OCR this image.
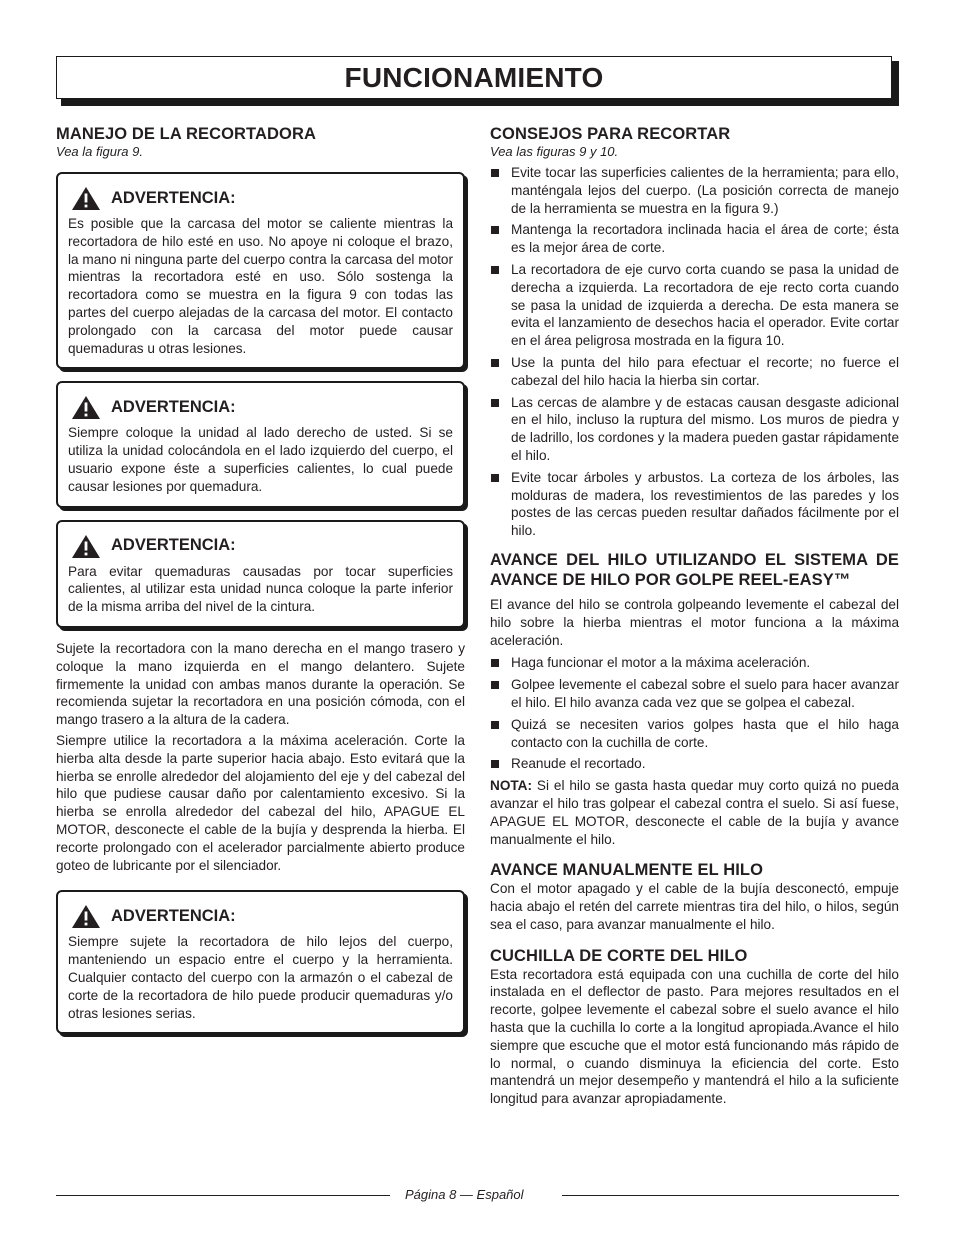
FUNCIONAMIENTO
MANEJO DE LA RECORTADORA
Vea la figura 9.
ADVERTENCIA:

Es posible que la carcasa del motor se caliente mientras la recortadora de hilo esté en uso. No apoye ni coloque el brazo, la mano ni ninguna parte del cuerpo contra la carcasa del motor mientras la recortadora esté en uso. Sólo sostenga la recortadora como se muestra en la figura 9 con todas las partes del cuerpo alejadas de la carcasa del motor. El contacto prolongado con la carcasa del motor puede causar quemaduras u otras lesiones.

ADVERTENCIA:

Siempre coloque la unidad al lado derecho de usted. Si se utiliza la unidad colocándola en el lado izquierdo del cuerpo, el usuario expone éste a superficies calientes, lo cual puede causar lesiones por quemadura.

ADVERTENCIA:

Para evitar quemaduras causadas por tocar superficies calientes, al utilizar esta unidad nunca coloque la parte inferior de la misma arriba del nivel de la cintura.

Sujete la recortadora con la mano derecha en el mango trasero y coloque la mano izquierda en el mango delantero. Sujete firmemente la unidad con ambas manos durante la operación. Se recomienda sujetar la recortadora en una posición cómoda, con el mango trasero a la altura de la cadera.

Siempre utilice la recortadora a la máxima aceleración. Corte la hierba alta desde la parte superior hacia abajo. Esto evitará que la hierba se enrolle alrededor del alojamiento del eje y del cabezal del hilo que pudiese causar daño por calentamiento excesivo. Si la hierba se enrolla alrededor del cabezal del hilo, APAGUE EL MOTOR, desconecte el cable de la bujía y desprenda la hierba. El recorte prolongado con el acelerador parcialmente abierto produce goteo de lubricante por el silenciador.

ADVERTENCIA:

Siempre sujete la recortadora de hilo lejos del cuerpo, manteniendo un espacio entre el cuerpo y la herramienta. Cualquier contacto del cuerpo con la armazón o el cabezal de corte de la recortadora de hilo puede producir quemaduras y/o otras lesiones serias.

CONSEJOS PARA RECORTAR
Vea las figuras 9 y 10.
Evite tocar las superficies calientes de la herramienta; para ello, manténgala lejos del cuerpo. (La posición correcta de manejo de la herramienta se muestra en la figura 9.)
Mantenga la recortadora inclinada hacia el área de corte; ésta es la mejor área de corte.
La recortadora de eje curvo corta cuando se pasa la unidad de derecha a izquierda. La recortadora de eje recto corta cuando se pasa la unidad de izquierda a derecha. De esta manera se evita el lanzamiento de desechos hacia el operador. Evite cortar en el área peligrosa mostrada en la figura 10.
Use la punta del hilo para efectuar el recorte; no fuerce el cabezal del hilo hacia la hierba sin cortar.
Las cercas de alambre y de estacas causan desgaste adicional en el hilo, incluso la ruptura del mismo. Los muros de piedra y de ladrillo, los cordones y la madera pueden gastar rápidamente el hilo.
Evite tocar árboles y arbustos. La corteza de los árboles, las molduras de madera, los revestimientos de las paredes y los postes de las cercas pueden resultar dañados fácilmente por el hilo.
AVANCE DEL HILO UTILIZANDO EL SISTEMA DE AVANCE DE HILO POR GOLPE REEL-EASY™

El avance del hilo se controla golpeando levemente el cabezal del hilo sobre la hierba mientras el motor funciona a la máxima aceleración.

Haga funcionar el motor a la máxima aceleración.
Golpee levemente el cabezal sobre el suelo para hacer avanzar el hilo. El hilo avanza cada vez que se golpea el cabezal.
Quizá se necesiten varios golpes hasta que el hilo haga contacto con la cuchilla de corte.
Reanude el recortado.

NOTA: Si el hilo se gasta hasta quedar muy corto quizá no pueda avanzar el hilo tras golpear el cabezal contra el suelo. Si así fuese, APAGUE EL MOTOR, desconecte el cable de la bujía y avance manualmente el hilo.

AVANCE MANUALMENTE EL HILO

Con el motor apagado y el cable de la bujía desconectó, empuje hacia abajo el retén del carrete mientras tira del hilo, o hilos, según sea el caso, para avanzar manualmente el hilo.

CUCHILLA DE CORTE DEL HILO

Esta recortadora está equipada con una cuchilla de corte del hilo instalada en el deflector de pasto. Para mejores resultados en el recorte, golpee levemente el cabezal sobre el suelo avance el hilo hasta que la cuchilla lo corte a la longitud apropiada.Avance el hilo siempre que escuche que el motor está funcionando más rápido de lo normal, o cuando disminuya la eficiencia del corte. Esto mantendrá un mejor desempeño y mantendrá el hilo a la suficiente longitud para avanzar apropiadamente.

Página 8 — Español
